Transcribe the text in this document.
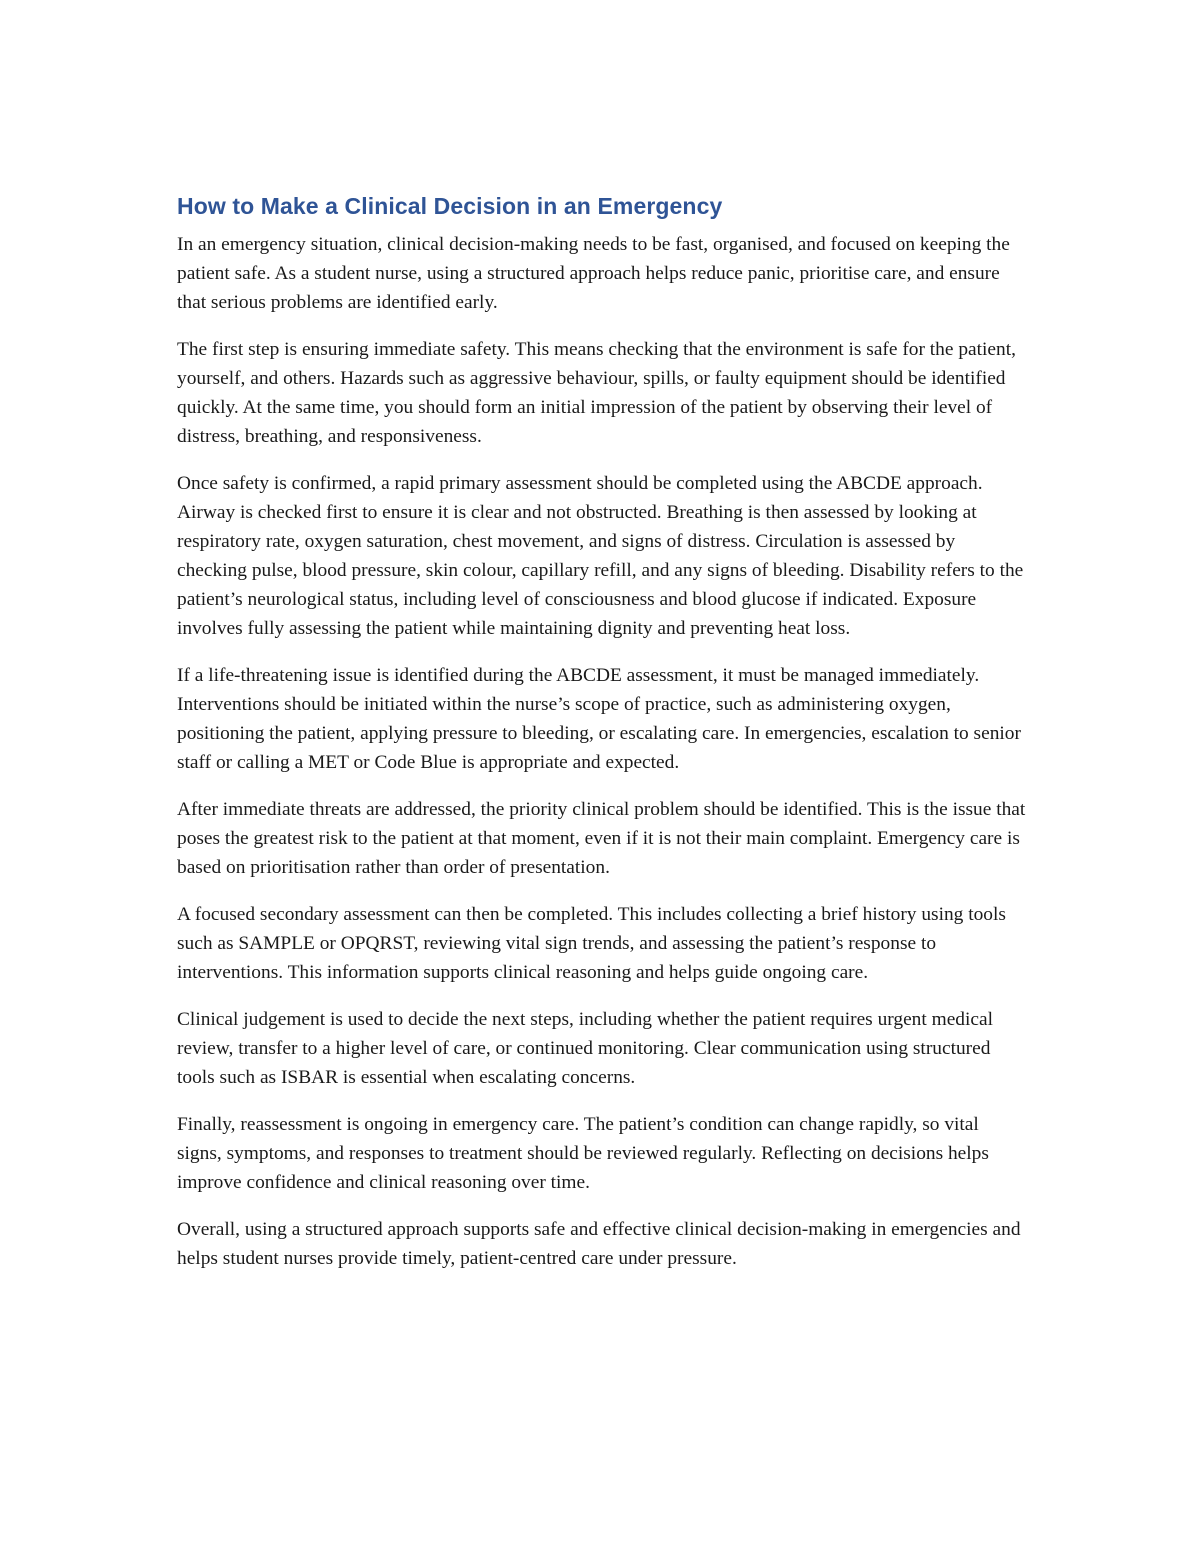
How to Make a Clinical Decision in an Emergency

In an emergency situation, clinical decision-making needs to be fast, organised, and focused on keeping the patient safe. As a student nurse, using a structured approach helps reduce panic, prioritise care, and ensure that serious problems are identified early.

The first step is ensuring immediate safety. This means checking that the environment is safe for the patient, yourself, and others. Hazards such as aggressive behaviour, spills, or faulty equipment should be identified quickly. At the same time, you should form an initial impression of the patient by observing their level of distress, breathing, and responsiveness.

Once safety is confirmed, a rapid primary assessment should be completed using the ABCDE approach. Airway is checked first to ensure it is clear and not obstructed. Breathing is then assessed by looking at respiratory rate, oxygen saturation, chest movement, and signs of distress. Circulation is assessed by checking pulse, blood pressure, skin colour, capillary refill, and any signs of bleeding. Disability refers to the patient’s neurological status, including level of consciousness and blood glucose if indicated. Exposure involves fully assessing the patient while maintaining dignity and preventing heat loss.

If a life-threatening issue is identified during the ABCDE assessment, it must be managed immediately. Interventions should be initiated within the nurse’s scope of practice, such as administering oxygen, positioning the patient, applying pressure to bleeding, or escalating care. In emergencies, escalation to senior staff or calling a MET or Code Blue is appropriate and expected.

After immediate threats are addressed, the priority clinical problem should be identified. This is the issue that poses the greatest risk to the patient at that moment, even if it is not their main complaint. Emergency care is based on prioritisation rather than order of presentation.

A focused secondary assessment can then be completed. This includes collecting a brief history using tools such as SAMPLE or OPQRST, reviewing vital sign trends, and assessing the patient’s response to interventions. This information supports clinical reasoning and helps guide ongoing care.

Clinical judgement is used to decide the next steps, including whether the patient requires urgent medical review, transfer to a higher level of care, or continued monitoring. Clear communication using structured tools such as ISBAR is essential when escalating concerns.

Finally, reassessment is ongoing in emergency care. The patient’s condition can change rapidly, so vital signs, symptoms, and responses to treatment should be reviewed regularly. Reflecting on decisions helps improve confidence and clinical reasoning over time.

Overall, using a structured approach supports safe and effective clinical decision-making in emergencies and helps student nurses provide timely, patient-centred care under pressure.
